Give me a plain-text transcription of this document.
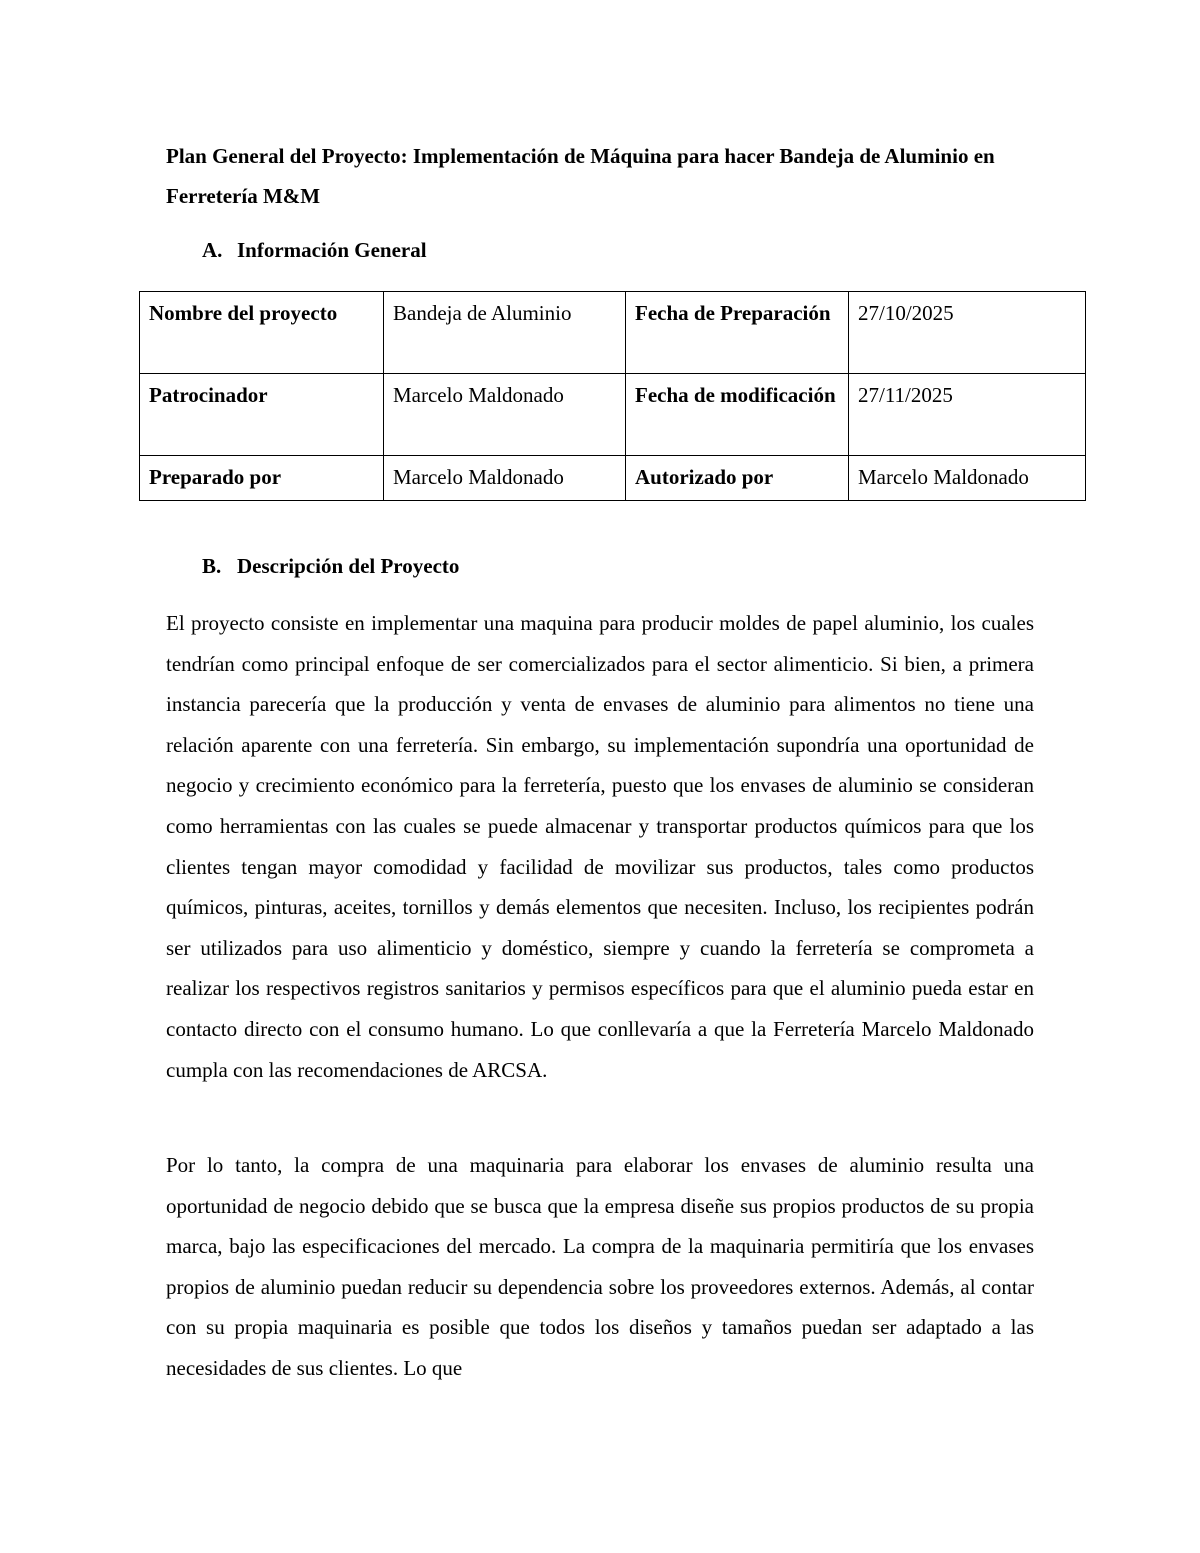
Plan General del Proyecto: Implementación de Máquina para hacer Bandeja de Aluminio en Ferretería M&M
A. Información General
Nombre del proyecto	Bandeja de Aluminio	Fecha de Preparación	27/10/2025
Patrocinador	Marcelo Maldonado	Fecha de modificación	27/11/2025
Preparado por	Marcelo Maldonado	Autorizado por	Marcelo Maldonado
B. Descripción del Proyecto

El proyecto consiste en implementar una maquina para producir moldes de papel aluminio, los cuales tendrían como principal enfoque de ser comercializados para el sector alimenticio. Si bien, a primera instancia parecería que la producción y venta de envases de aluminio para alimentos no tiene una relación aparente con una ferretería. Sin embargo, su implementación supondría una oportunidad de negocio y crecimiento económico para la ferretería, puesto que los envases de aluminio se consideran como herramientas con las cuales se puede almacenar y transportar productos químicos para que los clientes tengan mayor comodidad y facilidad de movilizar sus productos, tales como productos químicos, pinturas, aceites, tornillos y demás elementos que necesiten. Incluso, los recipientes podrán ser utilizados para uso alimenticio y doméstico, siempre y cuando la ferretería se comprometa a realizar los respectivos registros sanitarios y permisos específicos para que el aluminio pueda estar en contacto directo con el consumo humano. Lo que conllevaría a que la Ferretería Marcelo Maldonado cumpla con las recomendaciones de ARCSA.

Por lo tanto, la compra de una maquinaria para elaborar los envases de aluminio resulta una oportunidad de negocio debido que se busca que la empresa diseñe sus propios productos de su propia marca, bajo las especificaciones del mercado. La compra de la maquinaria permitiría que los envases propios de aluminio puedan reducir su dependencia sobre los proveedores externos. Además, al contar con su propia maquinaria es posible que todos los diseños y tamaños puedan ser adaptado a las necesidades de sus clientes. Lo que
